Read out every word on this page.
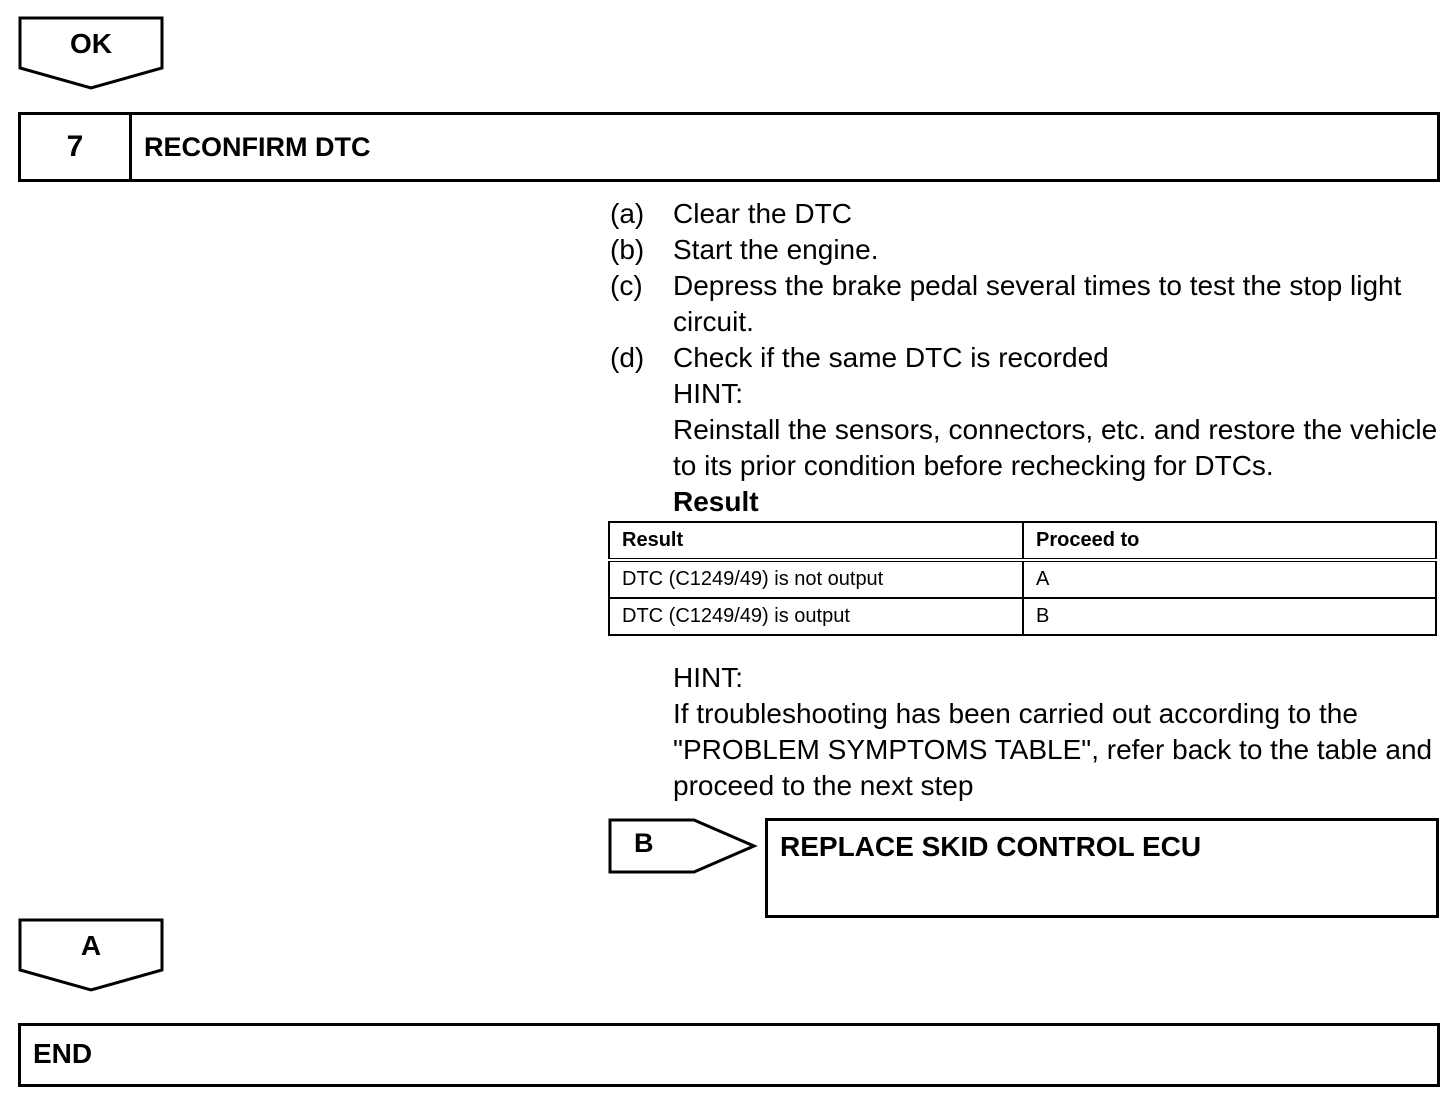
OK
7	RECONFIRM DTC
(a)	Clear the DTC
(b)	Start the engine.
(c)	Depress the brake pedal several times to test the stop light circuit.
(d)	Check if the same DTC is recorded
HINT:
Reinstall the sensors, connectors, etc. and restore the vehicle to its prior condition before rechecking for DTCs.
Result
Result	Proceed to
DTC (C1249/49) is not output	A
DTC (C1249/49) is output	B
HINT:
If troubleshooting has been carried out according to the "PROBLEM SYMPTOMS TABLE", refer back to the table and proceed to the next step
B	REPLACE SKID CONTROL ECU
A
END
